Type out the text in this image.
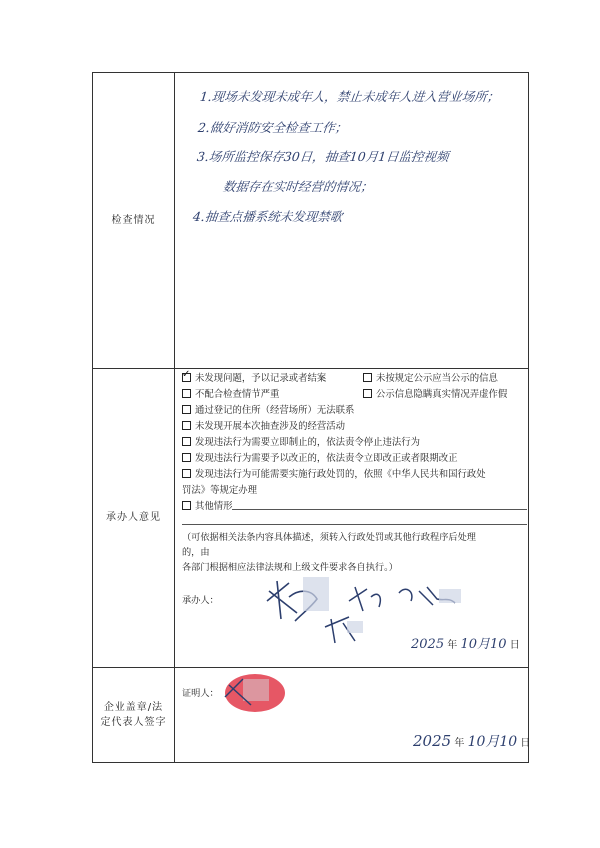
检查情况
1.现场未发现未成年人，禁止未成年人进入营业场所；
2.做好消防安全检查工作；
3.场所监控保存30日，抽查10月1日监控视频
数据存在实时经营的情况；
4.抽查点播系统未发现禁歌
承办人意见
✓未发现问题，予以记录或者结案	未按规定公示应当公示的信息
不配合检查情节严重	公示信息隐瞒真实情况弄虚作假
通过登记的住所（经营场所）无法联系
未发现开展本次抽查涉及的经营活动
发现违法行为需要立即制止的，依法责令停止违法行为
发现违法行为需要予以改正的，依法责令立即改正或者限期改正
发现违法行为可能需要实施行政处罚的，依照《中华人民共和国行政处
罚法》等规定办理
其他情形
（可依据相关法条内容具体描述，须转入行政处罚或其他行政程序后处理
的，由
各部门根据相应法律法规和上级文件要求各自执行。）
承办人：
2025 年 10月10 日
企业盖章/法
定代表人签字
证明人：
2025 年 10月10 日
